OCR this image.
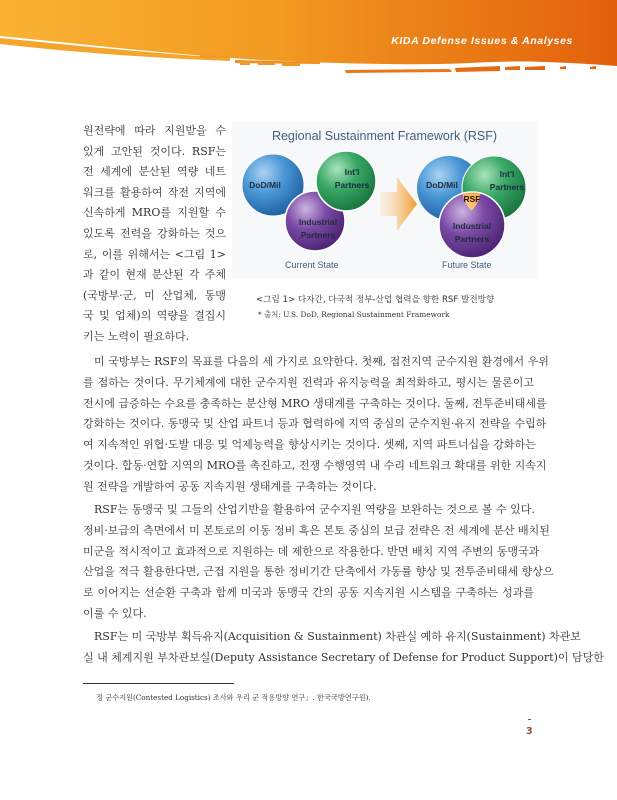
KIDA Defense Issues & Analyses
원전략에 따라 지원받을 수
있게 고안된 것이다. RSF는
전 세계에 분산된 역량 네트
워크를 활용하여 작전 지역에
신속하게 MRO를 지원할 수
있도록 전력을 강화하는 것으
로, 이를 위해서는 <그림 1>
과 같이 현재 분산된 각 주체
(국방부·군, 미 산업체, 동맹
국 및 업체)의 역량을 결집시
키는 노력이 필요하다.
DoD/Mil
Int'l
Partners
Industrial
Partners
DoD/Mil
Int'l
Partners
RSF
Industrial
Partners
Regional Sustainment Framework (RSF)
Current State	Future State
<그림 1> 다자간, 다국적 정부-산업 협력을 향한 RSF 발전방향
* 출처: U.S. DoD, Regional Sustainment Framework
미 국방부는 RSF의 목표를 다음의 세 가지로 요약한다. 첫째, 접전지역 군수지원 환경에서 우위
를 점하는 것이다. 무기체계에 대한 군수지원 전력과 유지능력을 최적화하고, 평시는 물론이고
전시에 급증하는 수요를 충족하는 분산형 MRO 생태계를 구축하는 것이다. 둘째, 전투준비태세를
강화하는 것이다. 동맹국 및 산업 파트너 등과 협력하에 지역 중심의 군수지원·유지 전략을 수립하
여 지속적인 위협·도발 대응 및 억제능력을 향상시키는 것이다. 셋째, 지역 파트너십을 강화하는
것이다. 합동·연합 지역의 MRO를 촉진하고, 전쟁 수행영역 내 수리 네트워크 확대를 위한 지속지
원 전략을 개발하여 공동 지속지원 생태계를 구축하는 것이다.
RSF는 동맹국 및 그들의 산업기반을 활용하여 군수지원 역량을 보완하는 것으로 볼 수 있다.
정비·보급의 측면에서 미 본토로의 이동 정비 혹은 본토 중심의 보급 전략은 전 세계에 분산 배치된
미군을 적시적이고 효과적으로 지원하는 데 제한으로 작용한다. 반면 배치 지역 주변의 동맹국과
산업을 적극 활용한다면, 근접 지원을 통한 정비기간 단축에서 가동률 향상 및 전투준비태세 향상으
로 이어지는 선순환 구축과 함께 미국과 동맹국 간의 공동 지속지원 시스템을 구축하는 성과를
이룰 수 있다.
RSF는 미 국방부 획득유지(Acquisition & Sustainment) 차관실 예하 유지(Sustainment) 차관보
실 내 체계지원 부차관보실(Deputy Assistance Secretary of Defense for Product Support)이 담당한
정 군수지원(Contested Logistics) 조사와 우리 군 적용방향 연구」. 한국국방연구원).
3
